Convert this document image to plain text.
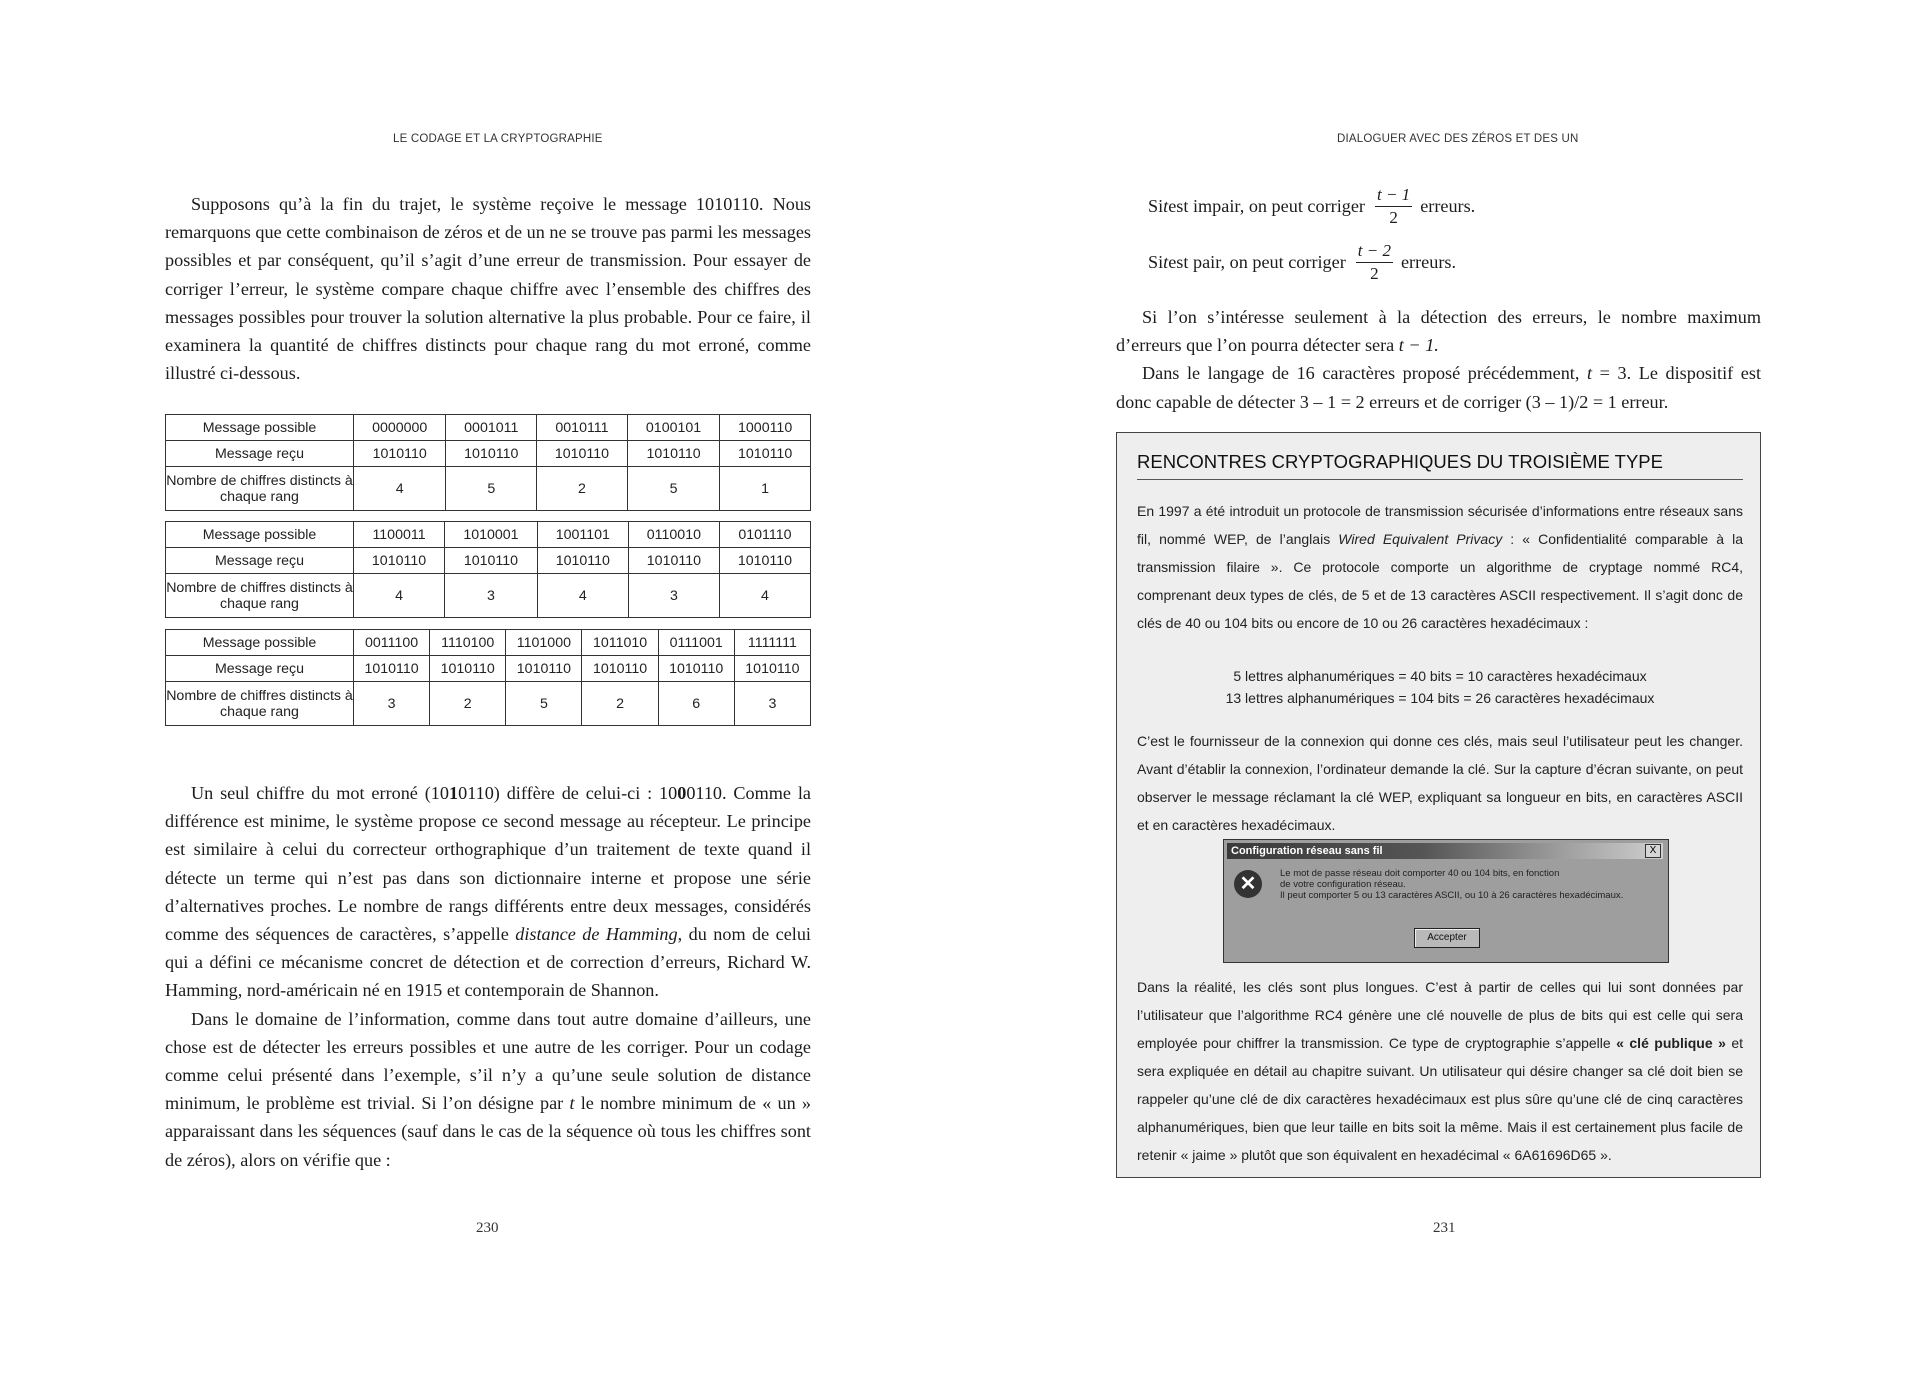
LE CODAGE ET LA CRYPTOGRAPHIE

Supposons qu’à la fin du trajet, le système reçoive le message 1010110. Nous remarquons que cette combinaison de zéros et de un ne se trouve pas parmi les messages possibles et par conséquent, qu’il s’agit d’une erreur de transmission. Pour essayer de corriger l’erreur, le système compare chaque chiffre avec l’ensemble des chiffres des messages possibles pour trouver la solution alternative la plus probable. Pour ce faire, il examinera la quantité de chiffres distincts pour chaque rang du mot erroné, comme illustré ci-dessous.

Message possible	0000000	0001011	0010111	0100101	1000110
Message reçu	1010110	1010110	1010110	1010110	1010110
Nombre de chiffres distincts à chaque rang	4	5	2	5	1
Message possible	1100011	1010001	1001101	0110010	0101110
Message reçu	1010110	1010110	1010110	1010110	1010110
Nombre de chiffres distincts à chaque rang	4	3	4	3	4
Message possible	0011100	1110100	1101000	1011010	0111001	1111111
Message reçu	1010110	1010110	1010110	1010110	1010110	1010110
Nombre de chiffres distincts à chaque rang	3	2	5	2	6	3

Un seul chiffre du mot erroné (1010110) diffère de celui-ci : 1000110. Comme la différence est minime, le système propose ce second message au récepteur. Le principe est similaire à celui du correcteur orthographique d’un traitement de texte quand il détecte un terme qui n’est pas dans son dictionnaire interne et propose une série d’alternatives proches. Le nombre de rangs différents entre deux messages, considérés comme des séquences de caractères, s’appelle distance de Hamming, du nom de celui qui a défini ce mécanisme concret de détection et de correction d’erreurs, Richard W. Hamming, nord-américain né en 1915 et contemporain de Shannon.

Dans le domaine de l’information, comme dans tout autre domaine d’ailleurs, une chose est de détecter les erreurs possibles et une autre de les corriger. Pour un codage comme celui présenté dans l’exemple, s’il n’y a qu’une seule solution de distance minimum, le problème est trivial. Si l’on désigne par t le nombre minimum de « un » apparaissant dans les séquences (sauf dans le cas de la séquence où tous les chiffres sont de zéros), alors on vérifie que :

230
DIALOGUER AVEC DES ZÉROS ET DES UN
231
Si t est impair, on peut corriger $\frac{t - 1}{2}$ erreurs.
Si t est pair, on peut corriger $\frac{t - 2}{2}$ erreurs.

Si l’on s’intéresse seulement à la détection des erreurs, le nombre maximum d’erreurs que l’on pourra détecter sera t − 1.

Dans le langage de 16 caractères proposé précédemment, t = 3. Le dispositif est donc capable de détecter 3 – 1 = 2 erreurs et de corriger (3 – 1)/2 = 1 erreur.

RENCONTRES CRYPTOGRAPHIQUES DU TROISIÈME TYPE

En 1997 a été introduit un protocole de transmission sécurisée d’informations entre réseaux sans fil, nommé WEP, de l’anglais Wired Equivalent Privacy : « Confidentialité comparable à la transmission filaire ». Ce protocole comporte un algorithme de cryptage nommé RC4, comprenant deux types de clés, de 5 et de 13 caractères ASCII respectivement. Il s’agit donc de clés de 40 ou 104 bits ou encore de 10 ou 26 caractères hexadécimaux :

5 lettres alphanumériques = 40 bits = 10 caractères hexadécimaux
13 lettres alphanumériques = 104 bits = 26 caractères hexadécimaux

C’est le fournisseur de la connexion qui donne ces clés, mais seul l’utilisateur peut les changer. Avant d’établir la connexion, l’ordinateur demande la clé. Sur la capture d’écran suivante, on peut observer le message réclamant la clé WEP, expliquant sa longueur en bits, en caractères ASCII et en caractères hexadécimaux.

Configuration réseau sans fil	X
✕	Le mot de passe réseau doit comporter 40 ou 104 bits, en fonction
de votre configuration réseau.
Il peut comporter 5 ou 13 caractères ASCII, ou 10 à 26 caractères hexadécimaux.
Accepter

Dans la réalité, les clés sont plus longues. C’est à partir de celles qui lui sont données par l’utilisateur que l’algorithme RC4 génère une clé nouvelle de plus de bits qui est celle qui sera employée pour chiffrer la transmission. Ce type de cryptographie s’appelle « clé publique » et sera expliquée en détail au chapitre suivant. Un utilisateur qui désire changer sa clé doit bien se rappeler qu’une clé de dix caractères hexadécimaux est plus sûre qu’une clé de cinq caractères alphanumériques, bien que leur taille en bits soit la même. Mais il est certainement plus facile de retenir « jaime » plutôt que son équivalent en hexadécimal « 6A61696D65 ».
